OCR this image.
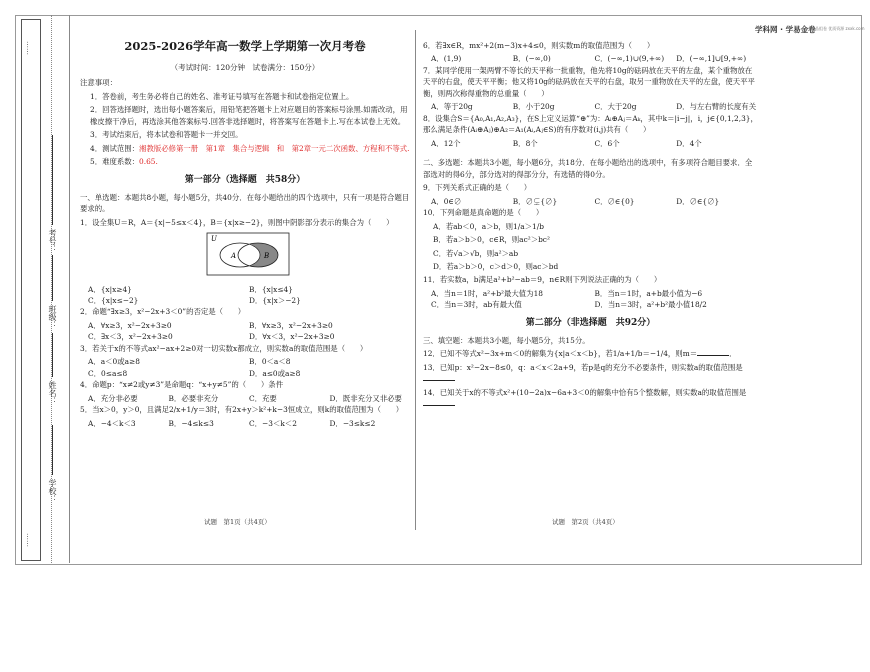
……
学校：
姓名：
班级：
考号：
……
学科网 · 学易金卷
精品组卷 优质资源 zxxk.com
2025-2026学年高一数学上学期第一次月考卷
（考试时间：120分钟　试卷满分：150分）

注意事项：

1．答卷前，考生务必将自己的姓名、准考证号填写在答题卡和试卷指定位置上。

2．回答选择题时，选出每小题答案后，用铅笔把答题卡上对应题目的答案标号涂黑.如需改动，用橡皮擦干净后，再选涂其他答案标号.回答非选择题时，将答案写在答题卡上.写在本试卷上无效。

3．考试结束后，将本试卷和答题卡一并交回。

4．测试范围：湘教版必修第一册　第1章　集合与逻辑　和　第2章一元二次函数、方程和不等式.

5．难度系数：0.65.

第一部分（选择题　共58分）

一、单选题：本题共8小题，每小题5分，共40分．在每小题给出的四个选项中，只有一项是符合题目要求的。

1．设全集U＝R，A＝{x|−5≤x＜4}，B＝{x|x≥−2}，则图中阴影部分表示的集合为（　　）

U
A	B
A．{x|x≥4}	B．{x|x≤4}
C．{x|x≤−2}	D．{x|x＞−2}

2．命题“∃x≥3，x²−2x+3＜0”的否定是（　　）

A．∀x≥3，x²−2x+3≥0	B．∀x≥3，x²−2x+3≥0
C．∃x＜3，x²−2x+3≥0	D．∀x＜3，x²−2x+3≥0

3．若关于x的不等式ax²−ax+2≥0对一切实数x都成立，则实数a的取值范围是（　　）

A．a＜0或a≥8	B．0＜a＜8
C．0≤a≤8	D．a≤0或a≥8

4．命题p：“x≠2或y≠3”是命题q：“x+y≠5”的（　　）条件

A．充分非必要	B．必要非充分	C．充要	D．既非充分又非必要

5．当x＞0，y＞0，且满足2/x+1/y＝3时，有2x+y＞k²+k−3恒成立，则k的取值范围为（　　）

A．−4＜k＜3	B．−4≤k≤3	C．−3＜k＜2	D．−3≤k≤2
试题　第1页（共4页）

6．若∃x∈R，mx²+2(m−3)x+4≤0，则实数m的取值范围为（　　）

A．(1,9)	B．(−∞,0)	C．(−∞,1)∪(9,+∞)	D．(−∞,1]∪[9,+∞)

7．某同学使用一架两臂不等长的天平称一批重物，他先将10g的砝码放在天平的左盘，某个重物放在天平的右盘，使天平平衡；他又将10g的砝码放在天平的右盘，取另一重物放在天平的左盘，使天平平衡，则两次称得重物的总重量（　　）

A．等于20g	B．小于20g	C．大于20g	D．与左右臂的长度有关

8．设集合S＝{A₀,A₁,A₂,A₃}，在S上定义运算“⊕”为：Aᵢ⊕Aⱼ＝Aₖ，其中k＝|i−j|，i，j∈{0,1,2,3}，那么满足条件(Aᵢ⊕Aⱼ)⊕A₂＝A₁(Aᵢ,Aⱼ∈S)的有序数对(i,j)共有（　　）

A．12个	B．8个	C．6个	D．4个

二、多选题：本题共3小题，每小题6分，共18分．在每小题给出的选项中，有多项符合题目要求．全部选对的得6分，部分选对的得部分分，有选错的得0分。

9．下列关系式正确的是（　　）

A．0∈∅	B．∅⊊{∅}	C．∅∈{0}	D．∅∈{∅}

10．下列命题是真命题的是（　　）

A．若ab＜0，a＞b，则1/a＞1/b

B．若a＞b＞0，c∈R，则ac²＞bc²

C．若√a＞√b，则a²＞ab

D．若a＞b＞0，c＞d＞0，则ac＞bd

11．若实数a，b满足a²+b²−ab＝9，n∈R则下列说法正确的为（　　）

A．当n＝1时，a²+b²最大值为18	B．当n＝1时，a+b最小值为−6
C．当n＝3时，ab有最大值	D．当n＝3时，a²+b²最小值18/2
第二部分（非选择题　共92分）

三、填空题：本题共3小题，每小题5分，共15分。

12．已知不等式x²−3x+m＜0的解集为{x|a＜x＜b}，若1/a+1/b＝−1/4，则m＝	．

13．已知p：x²−2x−8≤0，q：a＜x＜2a+9，若p是q的充分不必要条件，则实数a的取值范围是

14．已知关于x的不等式x²+(10−2a)x−6a+3＜0的解集中恰有5个整数解，则实数a的取值范围是

试题　第2页（共4页）
